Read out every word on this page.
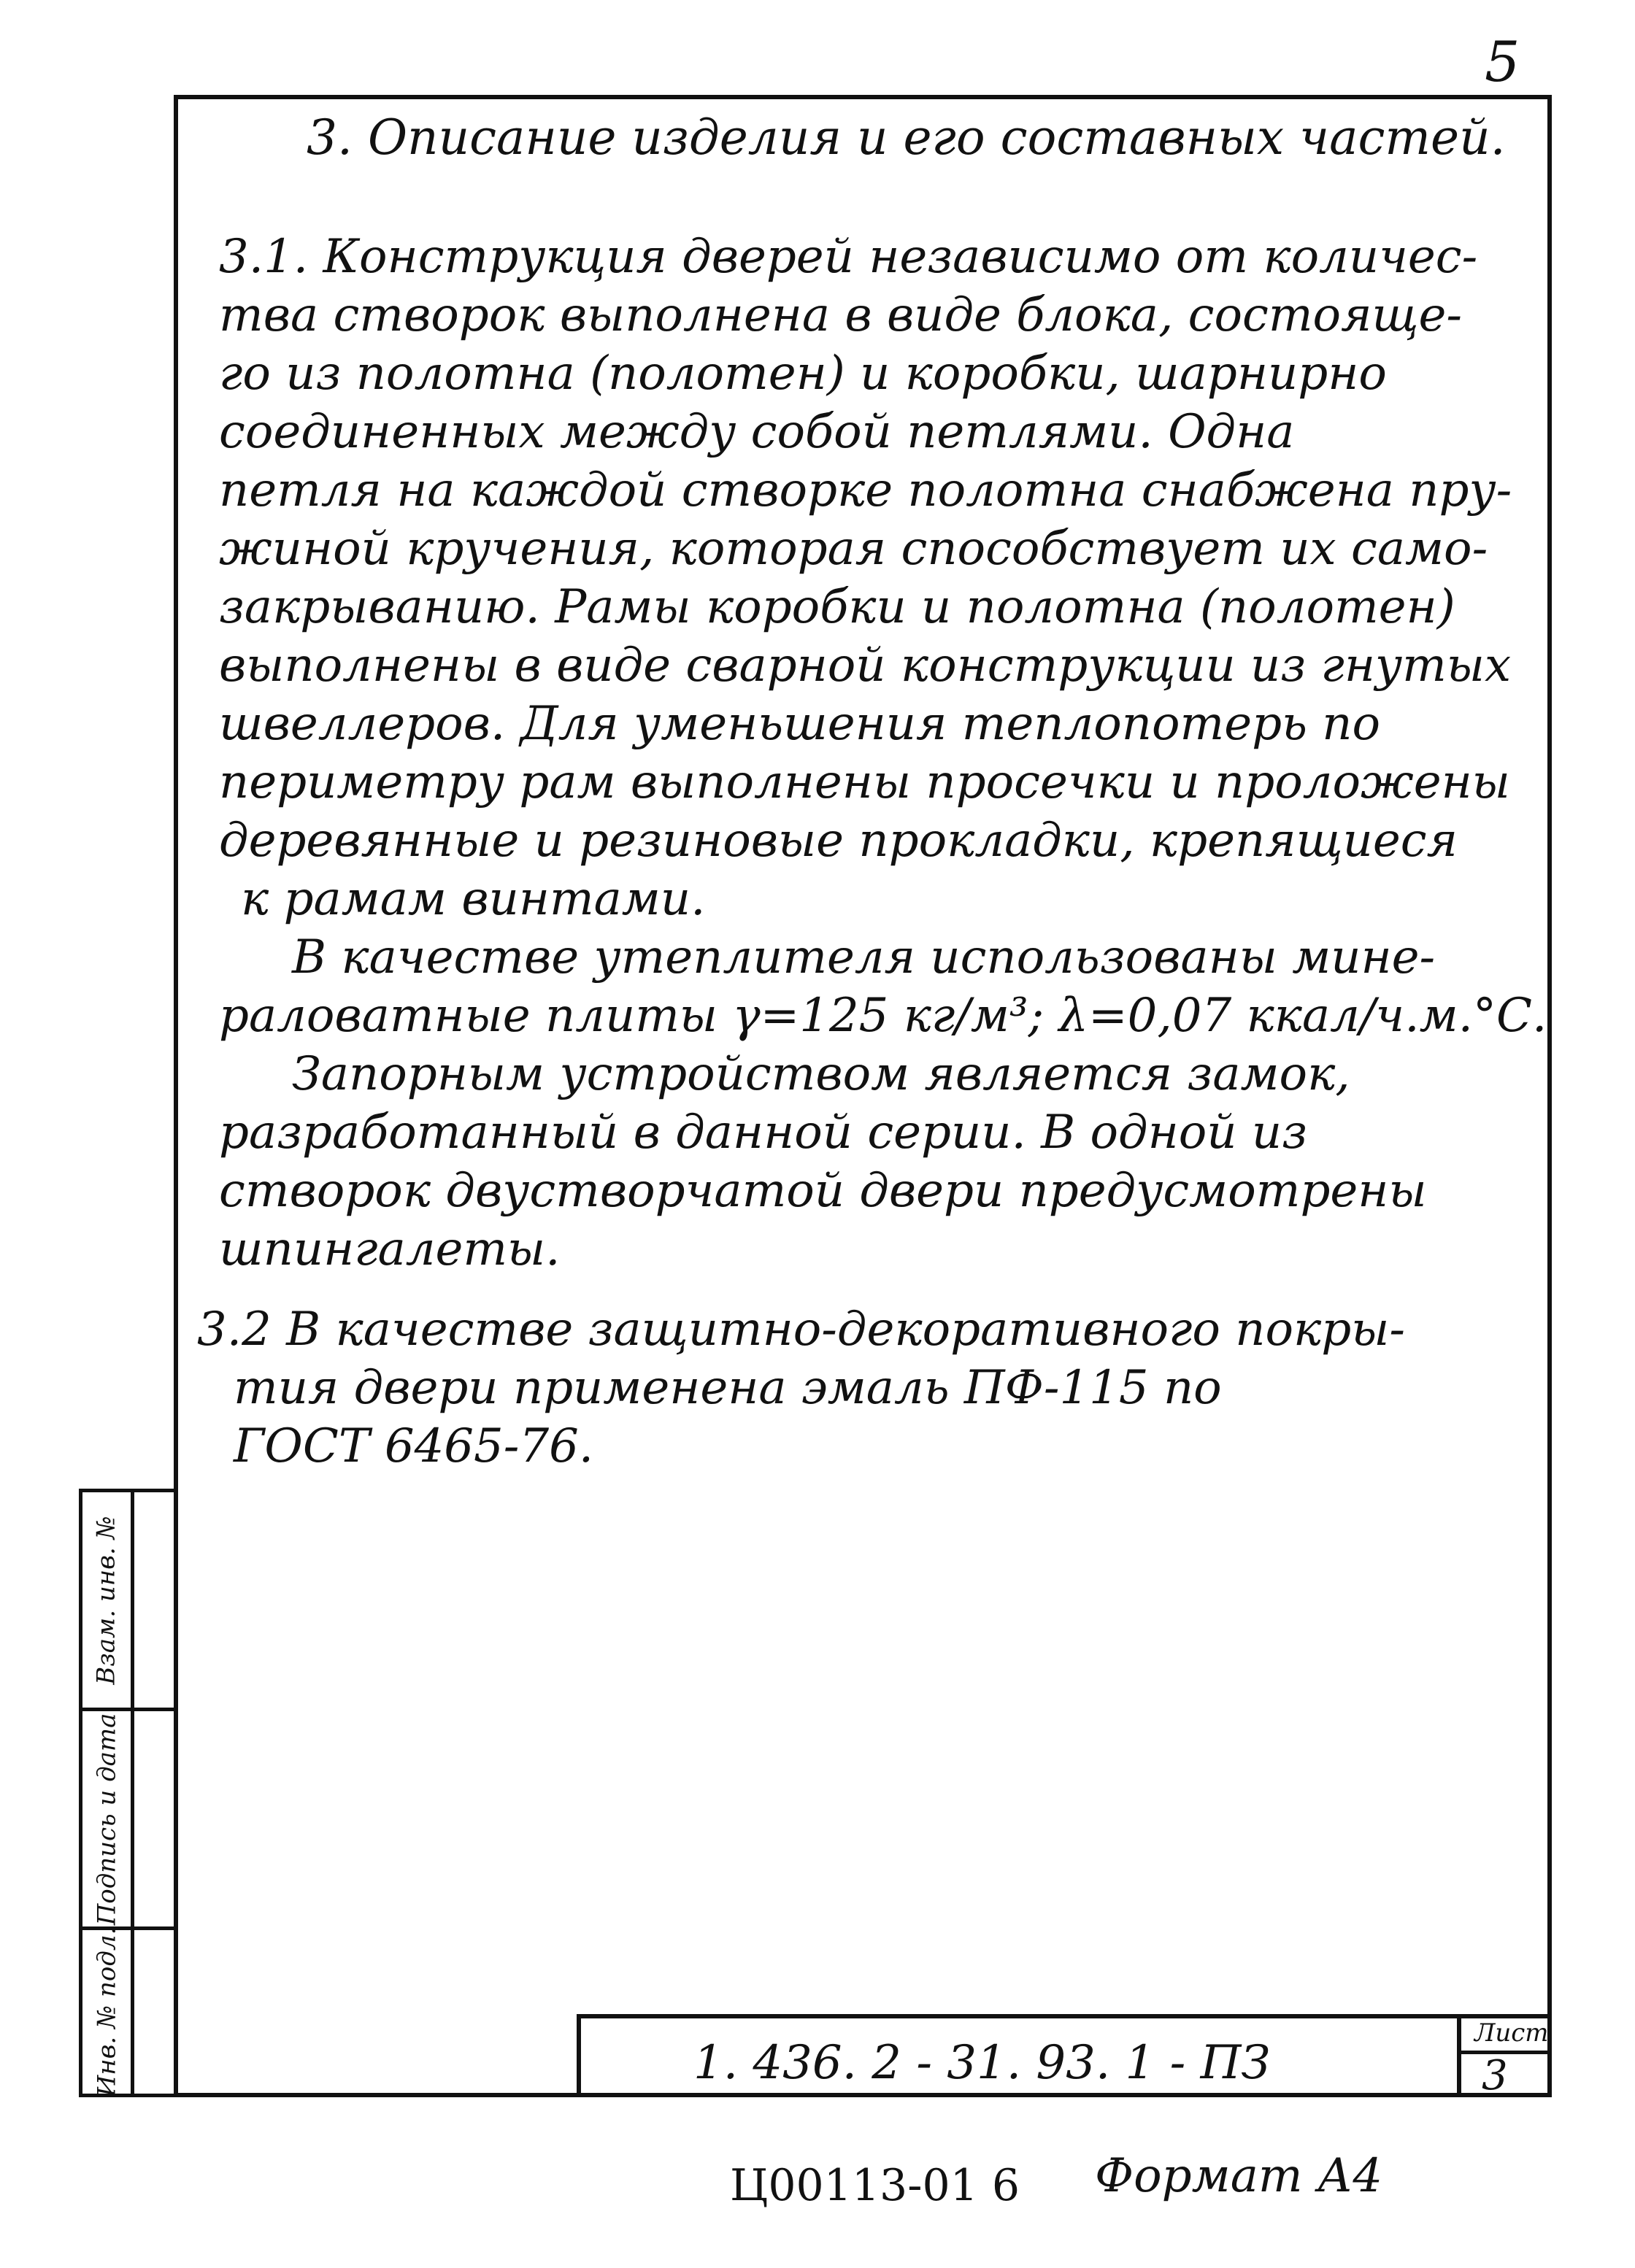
5
Взам. инв. №
Подпись и дата
Инв. № подл.
3. Описание изделия и его составных частей.
3.1. Конструкция дверей независимо от количес-
тва створок выполнена в виде блока, состояще-
го из полотна (полотен) и коробки, шарнирно
соединенных между собой петлями. Одна
петля на каждой створке полотна снабжена пру-
жиной кручения, которая способствует их само-
закрыванию. Рамы коробки и полотна (полотен)
выполнены в виде сварной конструкции из гнутых
швеллеров. Для уменьшения теплопотерь по
периметру рам выполнены просечки и проложены
деревянные и резиновые прокладки, крепящиеся
к рамам винтами.
В качестве утеплителя использованы мине-
раловатные плиты γ=125 кг/м³; λ=0,07 ккал/ч.м.°С.
Запорным устройством является замок,
разработанный в данной серии. В одной из
створок двустворчатой двери предусмотрены
шпингалеты.
3.2 В качестве защитно-декоративного покры-
тия двери применена эмаль ПФ-115 по
ГОСТ 6465-76.
1. 436. 2 - 31. 93. 1 - ПЗ
Лист
3
Ц00113-01 6 Формат А4
